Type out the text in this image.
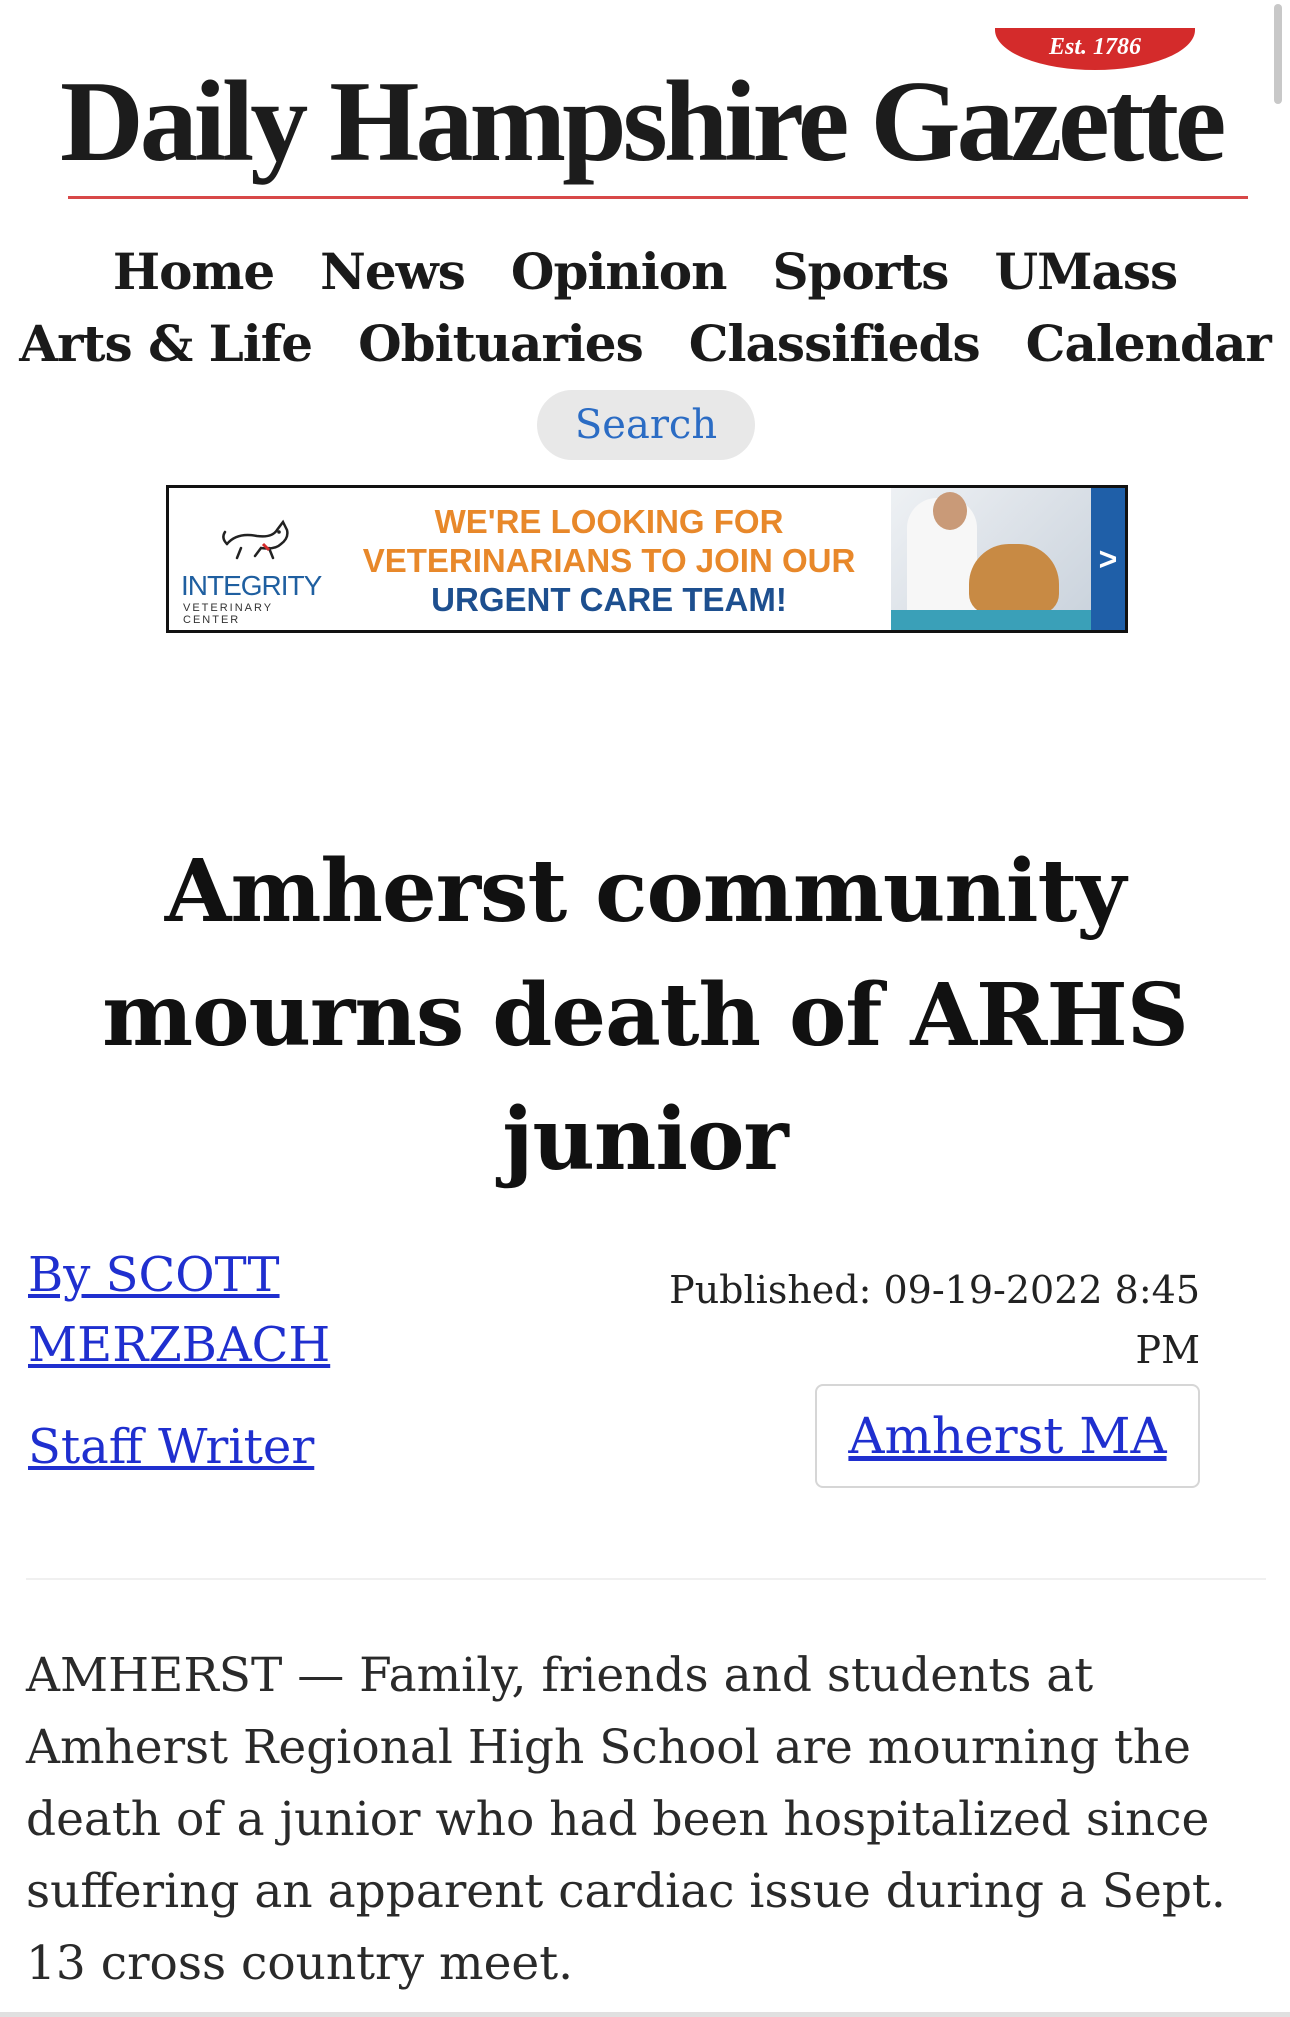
Est. 1786
Daily Hampshire Gazette
Home News Opinion Sports UMass
Arts & Life Obituaries Classifieds Calendar
Search
INTEGRITY
VETERINARY CENTER
WE'RE LOOKING FOR
VETERINARIANS TO JOIN OUR
URGENT CARE TEAM!
>
Amherst community mourns death of ARHS junior
By SCOTT MERZBACH
Staff Writer
Published: 09-19-2022 8:45 PM
Amherst MA

AMHERST — Family, friends and students at Amherst Regional High School are mourning the death of a junior who had been hospitalized since suffering an apparent cardiac issue during a Sept. 13 cross country meet.
